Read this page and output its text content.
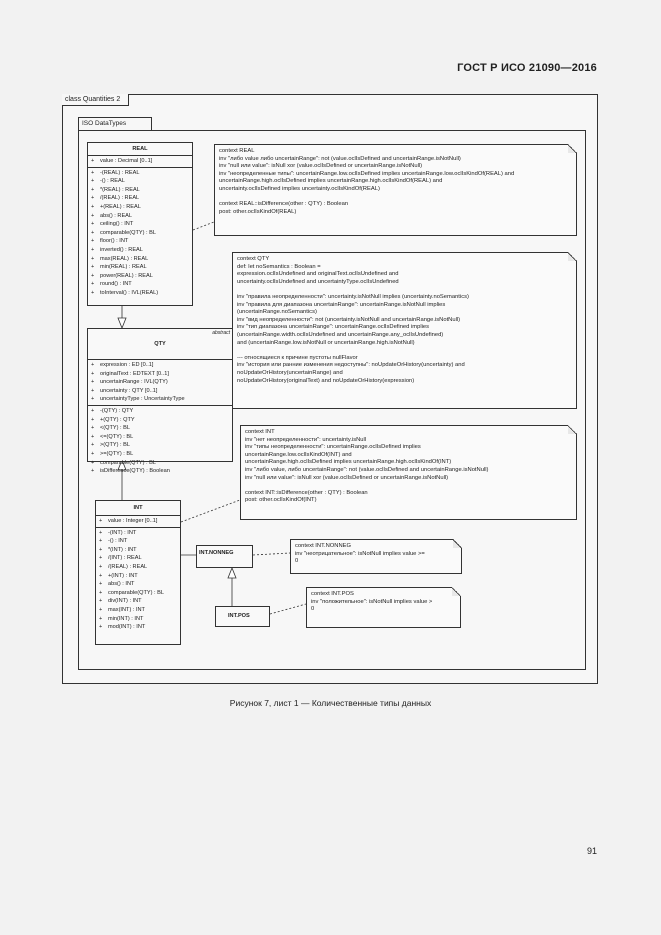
ГОСТ Р ИСО 21090—2016
class Quantities 2
ISO DataTypes
REAL
+ value : Decimal [0..1]
+ -(REAL) : REAL
+ -() : REAL
+ *(REAL) : REAL
+ /(REAL) : REAL
+ +(REAL) : REAL
+ abs() : REAL
+ ceiling() : INT
+ comparable(QTY) : BL
+ floor() : INT
+ inverted() : REAL
+ max(REAL) : REAL
+ min(REAL) : REAL
+ power(REAL) : REAL
+ round() : INT
+ toInterval() : IVL(REAL)
QTY
abstract
+ expression : ED [0..1]
+ originalText : EDTEXT [0..1]
+ uncertainRange : IVL(QTY)
+ uncertainty : QTY [0..1]
+ uncertaintyType : UncertaintyType
+ -(QTY) : QTY
+ +(QTY) : QTY
+ <(QTY) : BL
+ <=(QTY) : BL
+ >(QTY) : BL
+ >=(QTY) : BL
+ comparable(QTY) : BL
+ isDifference(QTY) : Boolean
INT
+ value : Integer [0..1]
+ -(INT) : INT
+ -() : INT
+ *(INT) : INT
+ /(INT) : REAL
+ /(REAL) : REAL
+ +(INT) : INT
+ abs() : INT
+ comparable(QTY) : BL
+ div(INT) : INT
+ max(INT) : INT
+ min(INT) : INT
+ mod(INT) : INT
INT.NONNEG
INT.POS
context REAL
inv "либо value либо uncertainRange": not (value.oclIsDefined and uncertainRange.isNotNull)
inv "null или value": isNull xor (value.oclIsDefined or uncertainRange.isNotNull)
inv "неопределенные типы": uncertainRange.low.oclIsDefined implies uncertainRange.low.oclIsKindOf(REAL) and
uncertainRange.high.oclIsDefined implies uncertainRange.high.oclIsKindOf(REAL) and
uncertainty.oclIsDefined implies uncertainty.oclIsKindOf(REAL)

context REAL::isDifference(other : QTY) : Boolean
post: other.oclIsKindOf(REAL)
context QTY
def: let noSemantics : Boolean =
expression.oclIsUndefined and originalText.oclIsUndefined and
uncertainty.oclIsUndefined and uncertaintyType.oclIsUndefined

inv "правила неопределенности": uncertainty.isNotNull implies (uncertainty.noSemantics)
inv "правила для диапазона uncertainRange": uncertainRange.isNotNull implies
(uncertainRange.noSemantics)
inv "вид неопределенности": not (uncertainty.isNotNull and uncertainRange.isNotNull)
inv "тип диапазона uncertainRange": uncertainRange.oclIsDefined implies
(uncertainRange.width.oclIsUndefined and uncertainRange.any_oclIsUndefined)
and (uncertainRange.low.isNotNull or uncertainRange.high.isNotNull)

--- относящиеся к причине пустоты nullFlavor
inv "история или ранние изменения недоступны": noUpdateOrHistory(uncertainty) and
noUpdateOrHistory(uncertainRange) and
noUpdateOrHistory(originalText) and noUpdateOrHistory(expression)
context INT
inv "нет неопределенности": uncertainty.isNull
inv "типы неопределенности": uncertainRange.oclIsDefined implies
uncertainRange.low.oclIsKindOf(INT) and
uncertainRange.high.oclIsDefined implies uncertainRange.high.oclIsKindOf(INT)
inv "либо value, либо uncertainRange": not (value.oclIsDefined and uncertainRange.isNotNull)
inv "null или value": isNull xor (value.oclIsDefined or uncertainRange.isNotNull)

context INT::isDifference(other : QTY) : Boolean
post: other.oclIsKindOf(INT)
context INT.NONNEG
inv "неотрицательное": isNotNull implies value >=
0
context INT.POS
inv "положительное": isNotNull implies value >
0
Рисунок 7, лист 1 — Количественные типы данных
91
